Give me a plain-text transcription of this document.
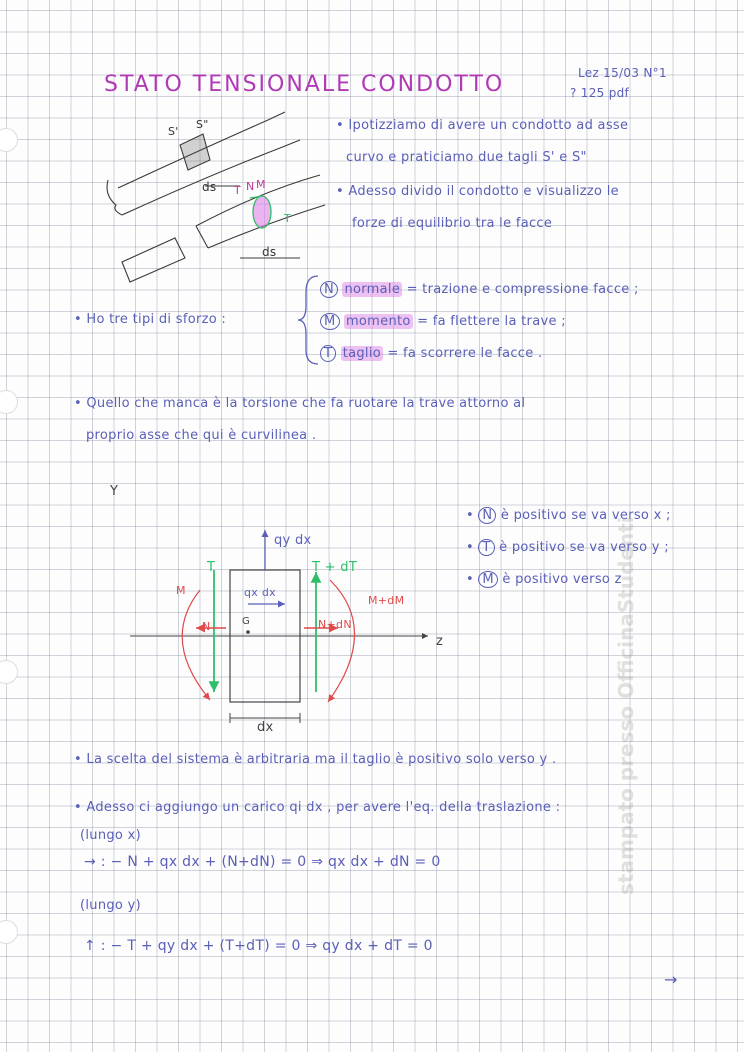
STATO TENSIONALE CONDOTTO	Lez 15/03 N°1
? 125 pdf
• Ipotizziamo di avere un condotto ad asse
curvo e praticiamo due tagli S' e S"
• Adesso divido il condotto e visualizzo le
forze di equilibrio tra le facce
S'
S"
ds
ds
T N M
T
• Ho tre tipi di sforzo :
N normale = trazione e compressione facce ;
M momento = fa flettere la trave ;
T taglio = fa scorrere le facce .
• Quello che manca è la torsione che fa ruotare la trave attorno al
proprio asse che qui è curvilinea .
Y
z
qy dx
qx dx
T	T + dT
N	N+dN
M
M+dM
dx
G
• N è positivo se va verso x ;
• T è positivo se va verso y ;
• M è positivo verso z
• La scelta del sistema è arbitraria ma il taglio è positivo solo verso y .
• Adesso ci aggiungo un carico qi dx , per avere l'eq. della traslazione :
(lungo x)
→ : − N + qx dx + (N+dN) = 0 ⇒ qx dx + dN = 0
(lungo y)
↑ : − T + qy dx + (T+dT) = 0 ⇒ qy dx + dT = 0
→
stampato presso OfficinaStudenti
